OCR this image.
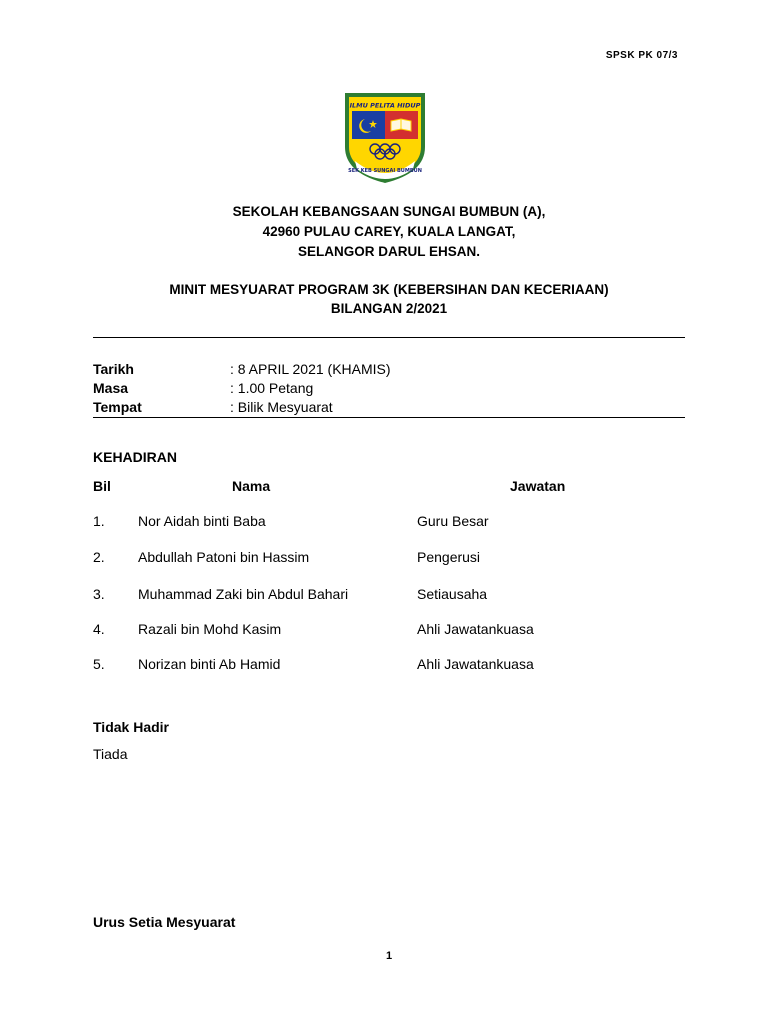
SPSK PK 07/3
ILMU PELITA HIDUP
SEK KEB SUNGAI BUMBUN
SEKOLAH KEBANGSAAN SUNGAI BUMBUN (A),
42960 PULAU CAREY, KUALA LANGAT,
SELANGOR DARUL EHSAN.
MINIT MESYUARAT PROGRAM 3K (KEBERSIHAN DAN KECERIAAN)
BILANGAN 2/2021
Tarikh	: 8 APRIL 2021 (KHAMIS)
Masa	: 1.00 Petang
Tempat	: Bilik Mesyuarat
KEHADIRAN
Bil	Nama	Jawatan
1. Nor Aidah binti Baba	Guru Besar
2. Abdullah Patoni bin Hassim	Pengerusi
3. Muhammad Zaki bin Abdul Bahari	Setiausaha
4. Razali bin Mohd Kasim	Ahli Jawatankuasa
5. Norizan binti Ab Hamid	Ahli Jawatankuasa
Tidak Hadir
Tiada
Urus Setia Mesyuarat
1
